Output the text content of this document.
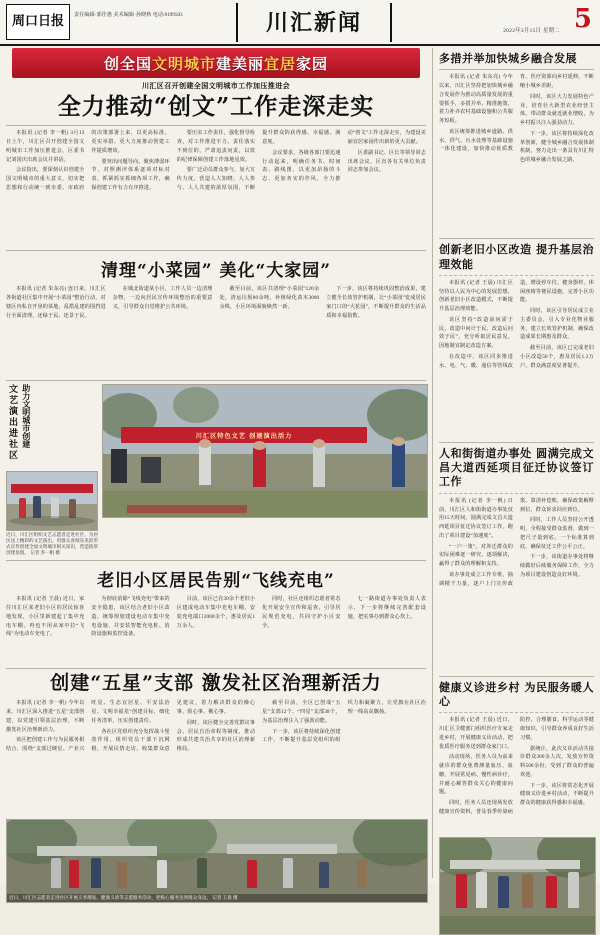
周口日报	责任编辑·郭佳惠 美术编辑·孙晓秋 电话:8199503	川汇新闻	2022年3月15日 星期二 5
创全国文明城市建美丽宜居家园
川汇区召开创建全国文明城市工作加压推进会
全力推动“创文”工作走深走实

本报讯 (记者 李一帆) 3月13日上午，川汇区召开创建全国文明城市工作加压推进会，区委书记刘国庆出席会议并讲话。

会议指出，要深刻认识创建全国文明城市的重大意义，切实把思想和行动统一到市委、市政府的决策部署上来，以更高标准、更实举措、更大力度推动创建工作提质增效。

要突出问题导向，聚焦薄弱环节，对照测评体系逐项对标对表，抓紧抓实抓细各项工作，确保创建工作有力有序推进。

要压实工作责任，强化督导检查，对工作推进不力、责任落实不到位的，严肃追责问责，以铁的纪律保障创建工作落地见效。

要广泛动员群众参与，加大宣传力度，营造人人知晓、人人参与、人人共建的浓厚氛围，不断提升群众的获得感、幸福感、满意度。

会议要求，各级各部门要迅速行动起来，明确任务书、时间表、路线图，以更加昂扬的斗志、更加务实的作风，全力推动“创文”工作走深走实，为建设美丽宜居家园作出新的更大贡献。

区委副书记、区长等领导同志出席会议，区直各有关单位负责同志参加会议。

清理“小菜园” 美化“大家园”

本报讯 (记者 朱东亮) 连日来，川汇区各街道社区集中开展“小菜园”整治行动，对辖区内私自开垦的菜地、乱搭乱建的围挡进行全面清理，还绿于民、还景于民。

在城北街道某小区，工作人员一边清理杂物，一边向居民宣传环境整治的重要意义，引导群众自觉维护公共环境。

截至目前，该区共清理“小菜园”120余处，清运垃圾80余吨，补植绿化苗木3000余株，小区环境面貌焕然一新。

下一步，该区将持续巩固整治成果，建立健全长效管护机制，让“小菜园”变成居民家门口的“大花园”，不断提升群众的生活品质和幸福指数。

文艺演出进社区 助力文明城市创建
近日，川汇区组织文艺志愿者走进社区，为居民送上精彩的文艺演出，用群众喜闻乐见的形式宣传创建全国文明城市相关知识，营造浓厚创建氛围。 记者 李一帆 摄
川汇区特色文艺 创建演出活力
老旧小区居民告别“飞线充电”

本报讯 (记者 王晨) 近日，家住川汇区某老旧小区的居民惊喜地发现，小区里新建起了集中充电车棚，再也不用从家中拉“飞线”为电动车充电了。

为彻底消除“飞线充电”带来的安全隐患，该区结合老旧小区改造，统筹规划建设电动车集中充电设施，并安装智能充电桩、消防设施和监控设备。

目前，该区已在30余个老旧小区建成电动车集中充电车棚，安装充电端口2000余个，惠及居民1万余人。

同时，社区还组织志愿者常态化开展安全宣传和巡查，引导居民规范充电，共同守护小区安全。

七一路街道办事处负责人表示，下一步将继续完善配套设施，把实事办到群众心坎上。

创建“五星”支部 激发社区治理新活力

本报讯 (记者 李一帆) 今年以来，川汇区深入推进“五星”支部创建，以党建引领基层治理，不断激发社区治理新活力。

该区把创建工作与为民服务相结合，围绕“支部过硬星、产业兴旺星、生态宜居星、平安法治星、文明幸福星”创建目标，细化任务清单，压实创建责任。

各社区党组织充分发挥战斗堡垒作用，组织党员干部下沉网格，开展民情走访，收集群众意见建议，着力解决群众的操心事、烦心事、揪心事。

同时，该区健全完善党群议事会、居民自治章程等制度，推动形成共建共治共享的社区治理新格局。

截至目前，全区已创成“五星”支部12个、“四星”支部38个，为基层治理注入了强劲动能。

下一步，该区将持续深化创建工作，不断提升基层党组织的组织力和凝聚力，让党旗在社区治理一线高高飘扬。

近日，川汇区志愿者走进社区开展义务理发、健康义诊等志愿服务活动，把贴心服务送到群众身边。 记者 王晨 摄
多措并举加快城乡融合发展

本报讯 (记者 朱东亮) 今年以来，川汇区坚持把加快城乡融合发展作为推动高质量发展的重要抓手，多措并举、精准施策，着力补齐农村基础设施和公共服务短板。

该区统筹推进城乡道路、供水、供气、污水处理等基础设施一体化建设，加快推动优质教育、医疗资源向乡村延伸，不断缩小城乡差距。

同时，该区大力发展特色产业，培育壮大新型农业经营主体，带动群众就近就业增收，为乡村振兴注入强劲动力。

下一步，该区将持续深化改革创新，健全城乡融合发展体制机制，努力走出一条具有川汇特色的城乡融合发展之路。

创新老旧小区改造 提升基层治理效能

本报讯 (记者 王晨) 川汇区坚持以人民为中心的发展思想，创新老旧小区改造模式，不断提升基层治理效能。

该区坚持“改造前问需于民、改造中问计于民、改造后问效于民”，充分听取居民意见，因地制宜制定改造方案。

在改造中，该区同步推进水、电、气、暖、通信等管线改造，增设停车位、健身器材、休闲座椅等便民设施，完善小区功能。

同时，该区引导居民成立业主委员会，引入专业化物业服务，建立长效管护机制，确保改造成果长期惠及群众。

截至目前，该区已完成老旧小区改造56个，惠及居民1.2万户，群众满意度显著提升。

人和街街道办事处 圆满完成文昌大道西延项目征迁协议签订工作

本报讯 (记者 李一帆) 日前，川汇区人和街街道办事处仅用15天时间，圆满完成文昌大道西延项目征迁协议签订工作，跑出了项目建设“加速度”。

“一户一策”，对涉迁群众的实际困难逐一研究、逐项解决，赢得了群众的理解和支持。

该办事处成立工作专班，抽调精干力量，逐户上门宣传政策、算清补偿账，确保政策解释到位、群众诉求回应到位。

同时，工作人员坚持公开透明，全程接受群众监督，做到一把尺子量到底、一个标准算到底，确保征迁工作公平公正。

下一步，该街道办事处将继续做好后续服务保障工作，全力为项目建设创造良好环境。

健康义诊进乡村 为民服务暖人心

本报讯 (记者 王晨) 近日，川汇区卫健部门组织医疗专家走进乡村，开展健康义诊活动，把优质医疗服务送到群众家门口。

活动现场，医务人员为前来就诊的群众免费测量血压、血糖，开展常见病、慢性病诊疗，并耐心解答群众关心的健康问题。

同时，医务人员还现场发放健康宣传资料，普及春季传染病防控、合理膳食、科学运动等健康知识，引导群众养成良好生活习惯。

据统计，此次义诊活动共接诊群众300余人次，发放宣传资料500余份，受到了群众的普遍欢迎。

下一步，该区将常态化开展健康义诊进乡村活动，不断提升群众的健康获得感和幸福感。
